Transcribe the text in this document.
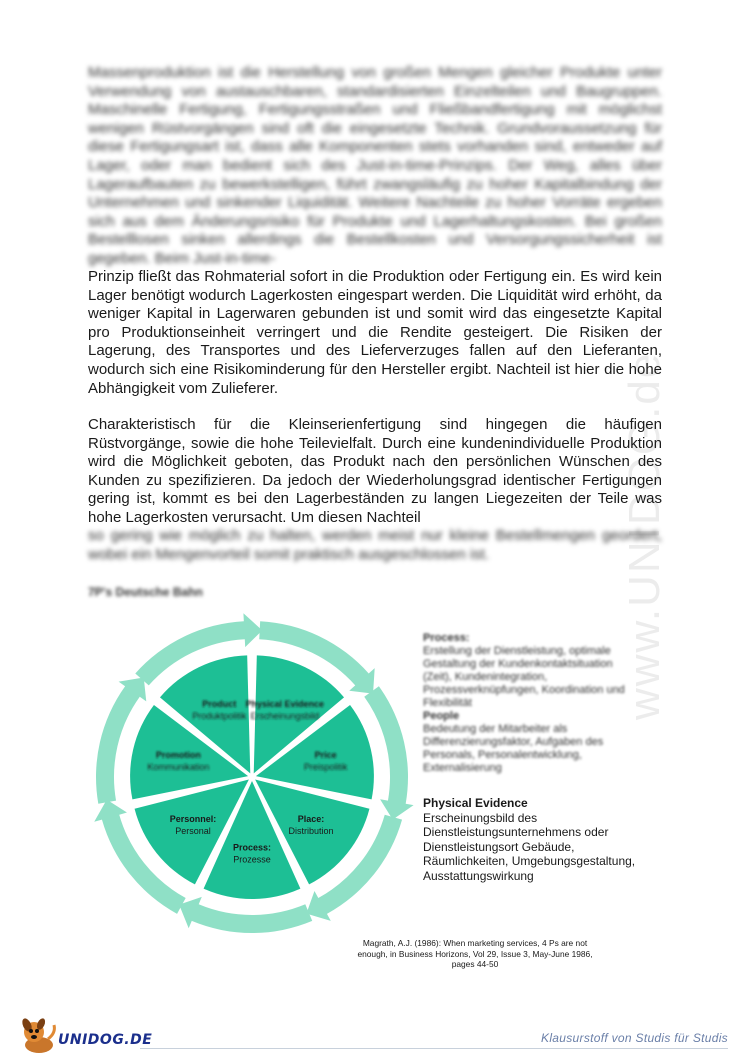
www.UNIDOG.de

Massenproduktion ist die Herstellung von großen Mengen gleicher Produkte unter Verwendung von austauschbaren, standardisierten Einzelteilen und Baugruppen. Maschinelle Fertigung, Fertigungsstraßen und Fließbandfertigung mit möglichst wenigen Rüstvorgängen sind oft die eingesetzte Technik. Grundvoraussetzung für diese Fertigungsart ist, dass alle Komponenten stets vorhanden sind, entweder auf Lager, oder man bedient sich des Just-in-time-Prinzips. Der Weg, alles über Lageraufbauten zu bewerkstelligen, führt zwangsläufig zu hoher Kapitalbindung der Unternehmen und sinkender Liquidität. Weitere Nachteile zu hoher Vorräte ergeben sich aus dem Änderungsrisiko für Produkte und Lagerhaltungskosten. Bei großen Bestelllosen sinken allerdings die Bestellkosten und Versorgungssicherheit ist gegeben. Beim Just-in-time-

Prinzip fließt das Rohmaterial sofort in die Produktion oder Fertigung ein. Es wird kein Lager benötigt wodurch Lagerkosten eingespart werden. Die Liquidität wird erhöht, da weniger Kapital in Lagerwaren gebunden ist und somit wird das eingesetzte Kapital pro Produktionseinheit verringert und die Rendite gesteigert. Die Risiken der Lagerung, des Transportes und des Lieferverzuges fallen auf den Lieferanten, wodurch sich eine Risikominderung für den Hersteller ergibt. Nachteil ist hier die hohe Abhängigkeit vom Zulieferer.

Charakteristisch für die Kleinserienfertigung sind hingegen die häufigen Rüstvorgänge, sowie die hohe Teilevielfalt. Durch eine kundenindividuelle Produktion wird die Möglichkeit geboten, das Produkt nach den persönlichen Wünschen des Kunden zu spezifizieren. Da jedoch der Wiederholungsgrad identischer Fertigungen gering ist, kommt es bei den Lagerbeständen zu langen Liegezeiten der Teile was hohe Lagerkosten verursacht. Um diesen Nachteil

so gering wie möglich zu halten, werden meist nur kleine Bestellmengen geordert, wobei ein Mengenvorteil somit praktisch ausgeschlossen ist.

7P's Deutsche Bahn
Product
Produktpolitik
Physical Evidence
Erscheinungsbild
Price
Preispolitik
Place:
Distribution
Process:
Prozesse
Personnel:
Personal
Promotion
Kommunikation
Process:
Erstellung der Dienstleistung, optimale Gestaltung der Kundenkontaktsituation (Zeit), Kundenintegration, Prozessverknüpfungen, Koordination und Flexibilität
People
Bedeutung der Mitarbeiter als Differenzierungsfaktor, Aufgaben des Personals, Personalentwicklung, Externalisierung
Physical Evidence
Erscheinungsbild des Dienstleistungsunternehmens oder Dienstleistungsort Gebäude, Räumlichkeiten, Umgebungsgestaltung, Ausstattungswirkung
Magrath, A.J. (1986): When marketing services, 4 Ps are not enough, in Business Horizons, Vol 29, Issue 3, May-June 1986, pages 44-50
UNIDOG.DE	Klausurstoff von Studis für Studis
